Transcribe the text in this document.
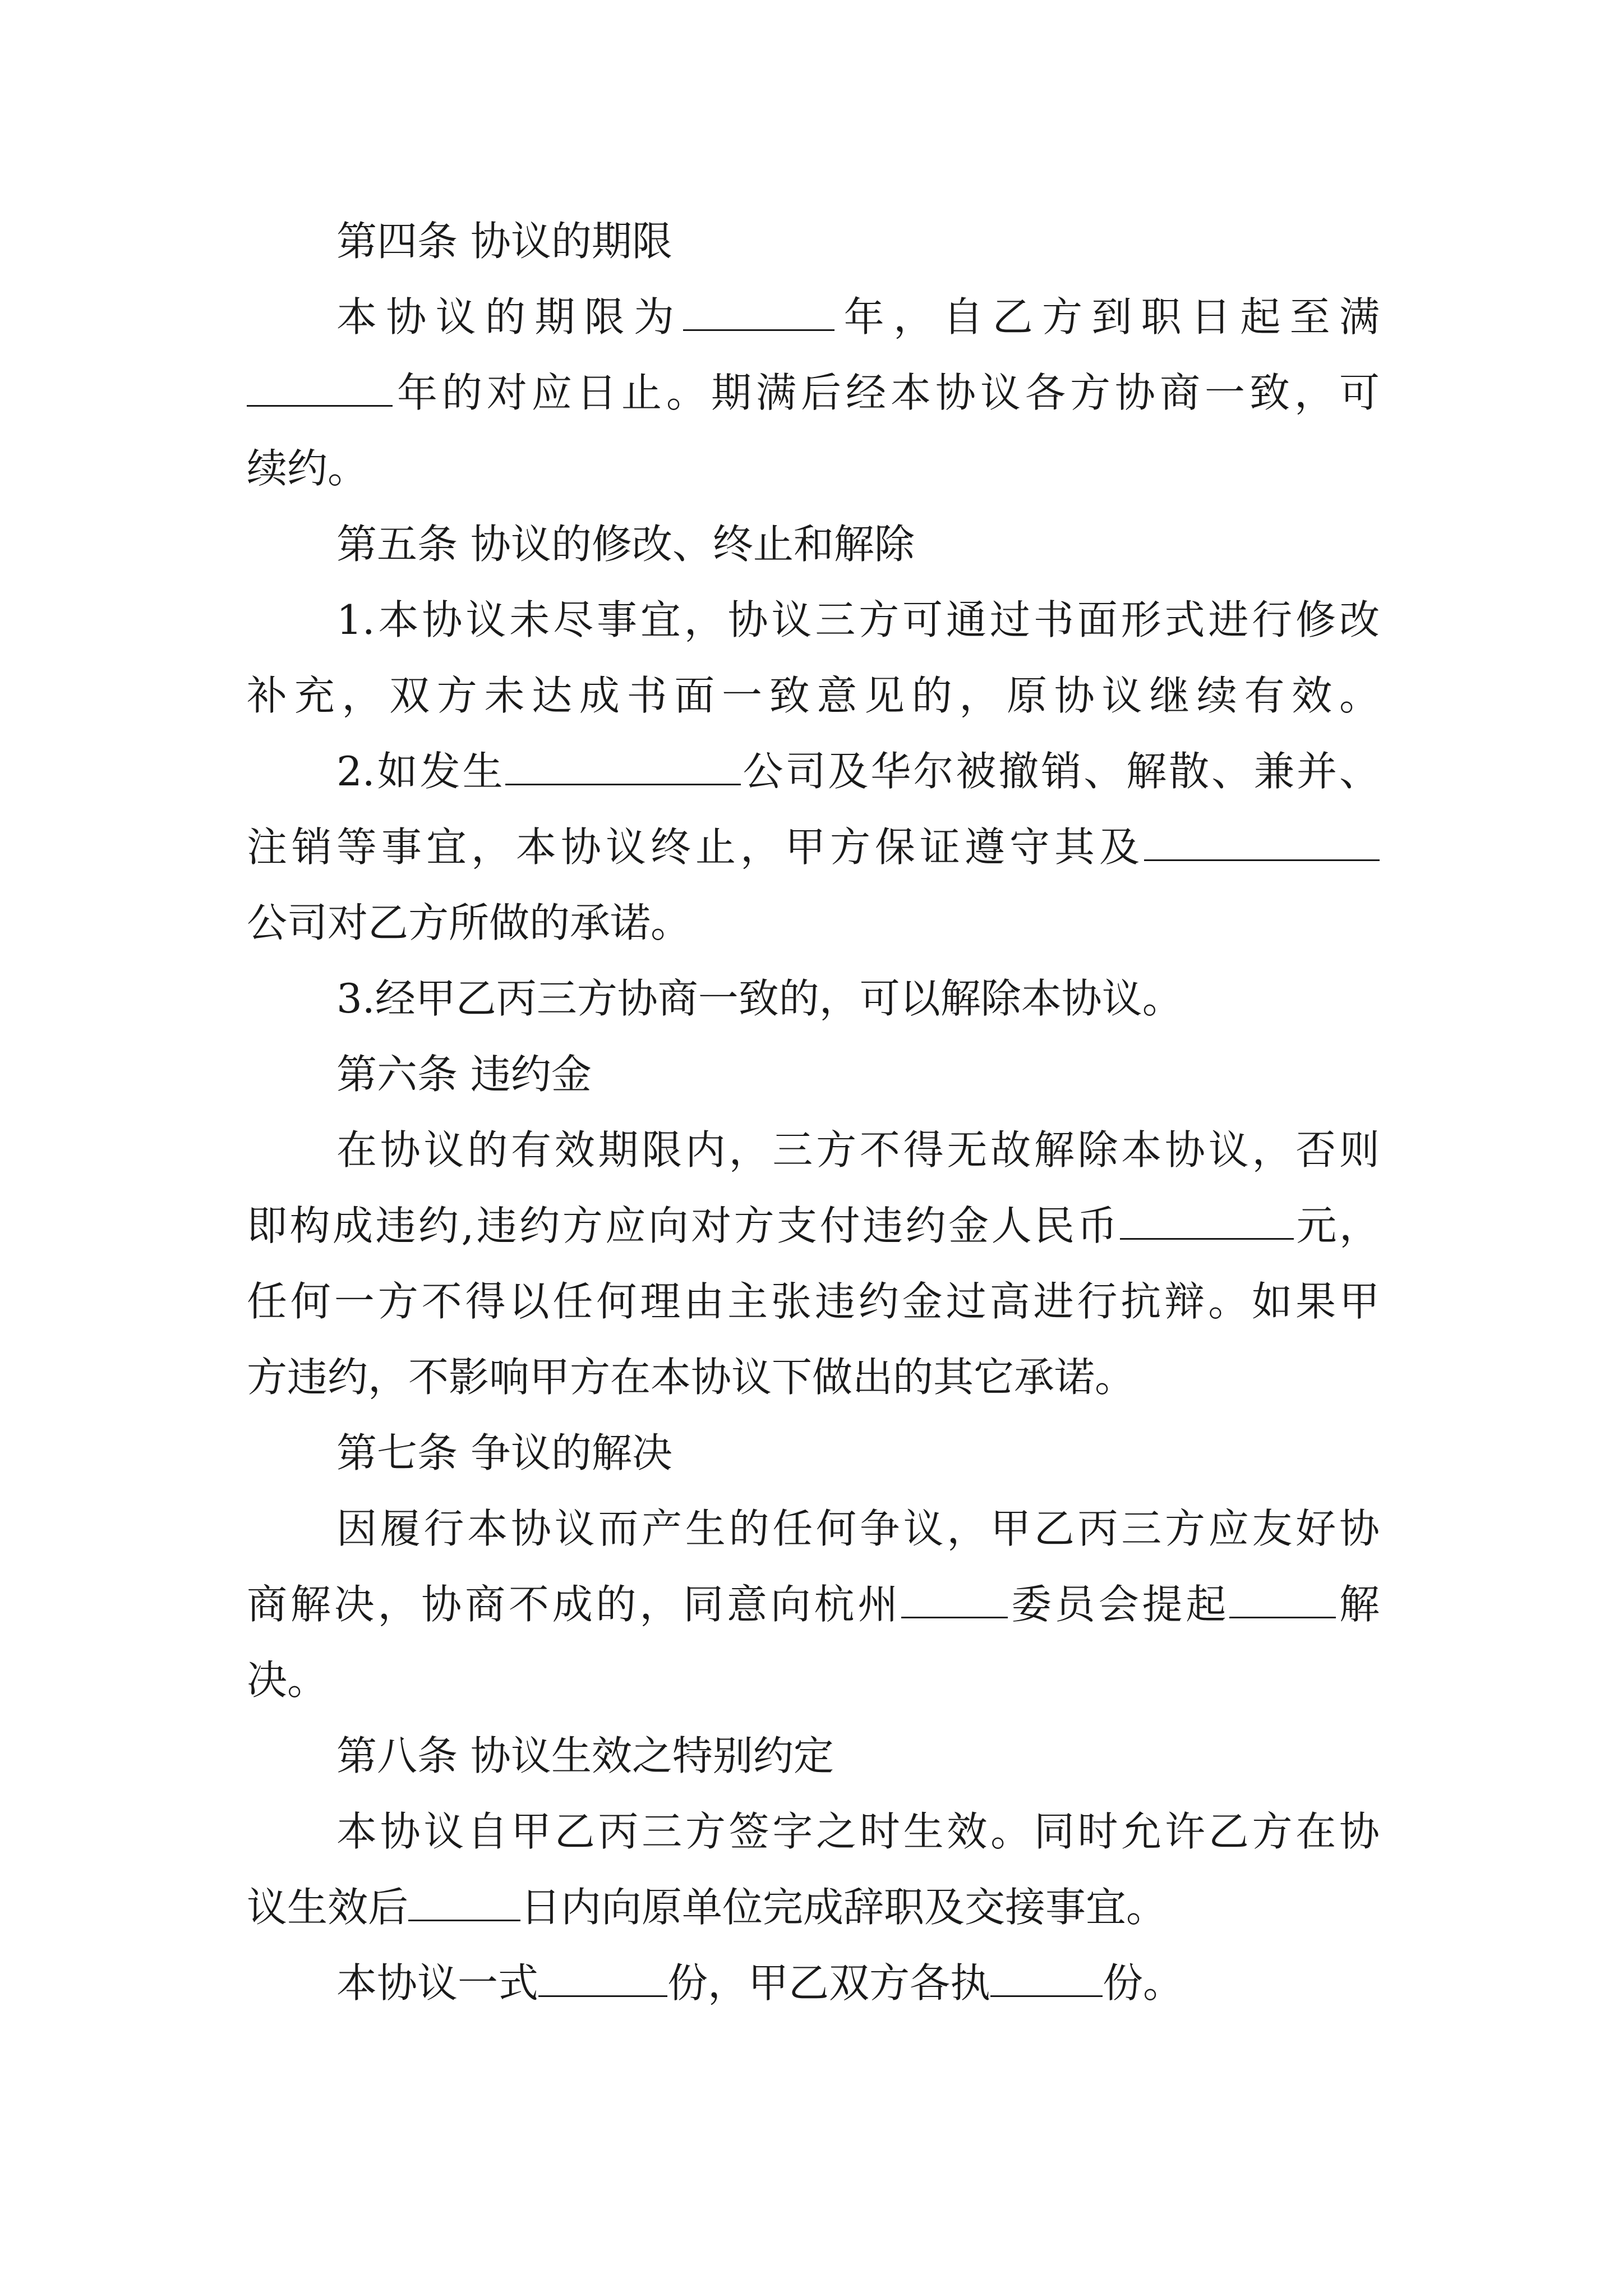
第四条 协议的期限
本协议的期限为	年，自乙方到职日起至满
年的对应日止。期满后经本协议各方协商一致，可
续约。
第五条 协议的修改、终止和解除
1.本协议未尽事宜，协议三方可通过书面形式进行修改
补充，双方未达成书面一致意见的，原协议继续有效。
2.如发生	公司及华尔被撤销、解散、兼并、
注销等事宜，本协议终止，甲方保证遵守其及
公司对乙方所做的承诺。
3.经甲乙丙三方协商一致的，可以解除本协议。
第六条 违约金
在协议的有效期限内，三方不得无故解除本协议，否则
即构成违约,违约方应向对方支付违约金人民币	元，
任何一方不得以任何理由主张违约金过高进行抗辩。如果甲
方违约，不影响甲方在本协议下做出的其它承诺。
第七条 争议的解决
因履行本协议而产生的任何争议，甲乙丙三方应友好协
商解决，协商不成的，同意向杭州	委员会提起	解
决。
第八条 协议生效之特别约定
本协议自甲乙丙三方签字之时生效。同时允许乙方在协
议生效后	日内向原单位完成辞职及交接事宜。
本协议一式	份，甲乙双方各执	份。
